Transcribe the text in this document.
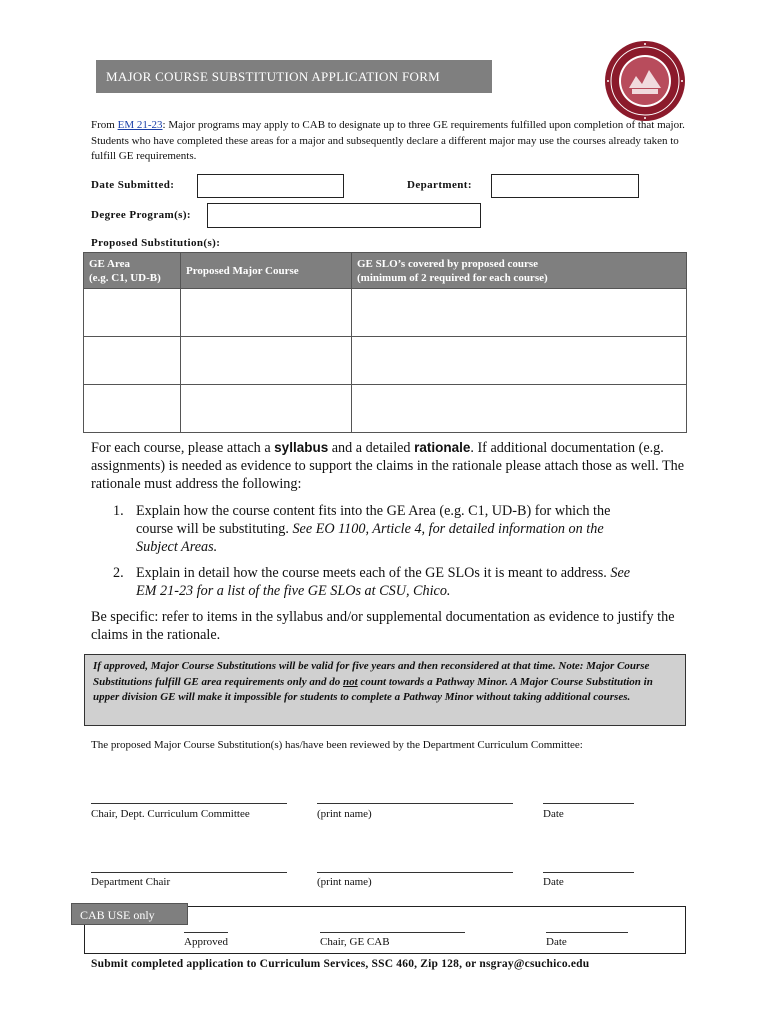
MAJOR COURSE SUBSTITUTION APPLICATION FORM
From EM 21-23: Major programs may apply to CAB to designate up to three GE requirements fulfilled upon completion of that major. Students who have completed these areas for a major and subsequently declare a different major may use the courses already taken to fulfill GE requirements.
Date Submitted:	Department:
Degree Program(s):
Proposed Substitution(s):
GE Area
(e.g. C1, UD-B)	Proposed Major Course	GE SLO’s covered by proposed course
(minimum of 2 required for each course)

For each course, please attach a syllabus and a detailed rationale. If additional documentation (e.g. assignments) is needed as evidence to support the claims in the rationale please attach those as well. The rationale must address the following:
1. Explain how the course content fits into the GE Area (e.g. C1, UD-B) for which the course will be substituting. See EO 1100, Article 4, for detailed information on the Subject Areas.
2. Explain in detail how the course meets each of the GE SLOs it is meant to address. See EM 21-23 for a list of the five GE SLOs at CSU, Chico.
Be specific: refer to items in the syllabus and/or supplemental documentation as evidence to justify the claims in the rationale.
If approved, Major Course Substitutions will be valid for five years and then reconsidered at that time. Note: Major Course Substitutions fulfill GE area requirements only and do not count towards a Pathway Minor. A Major Course Substitution in upper division GE will make it impossible for students to complete a Pathway Minor without taking additional courses.
The proposed Major Course Substitution(s) has/have been reviewed by the Department Curriculum Committee:
Chair, Dept. Curriculum Committee	(print name)	Date
Department Chair	(print name)	Date
CAB USE only
Approved	Chair, GE CAB	Date
Submit completed application to Curriculum Services, SSC 460, Zip 128, or nsgray@csuchico.edu
